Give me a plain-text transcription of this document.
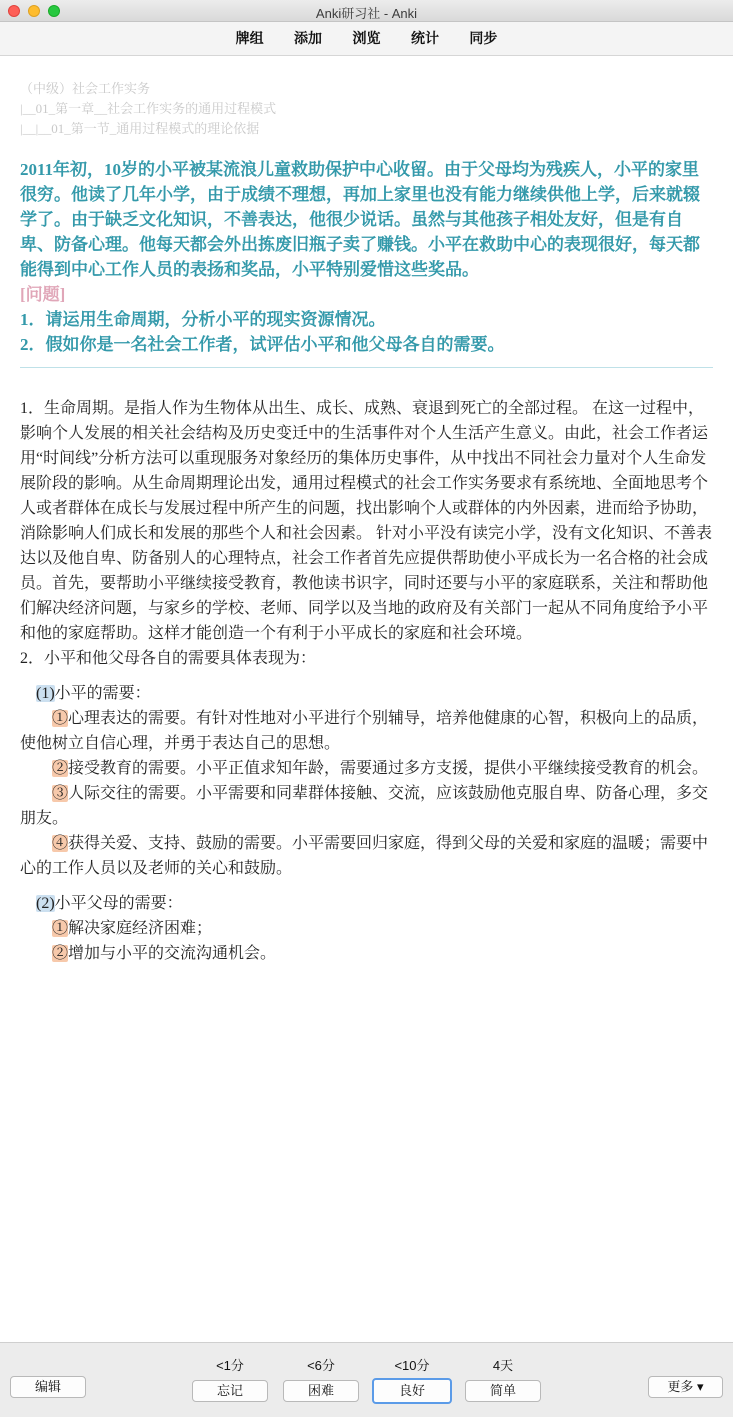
Anki研习社 - Anki
牌组 添加 浏览 统计 同步
（中级）社会工作实务
|__01_第一章__社会工作实务的通用过程模式
|__|__01_第一节_通用过程模式的理论依据
2011年初，10岁的小平被某流浪儿童救助保护中心收留。由于父母均为残疾人，小平的家里很穷。他读了几年小学，由于成绩不理想，再加上家里也没有能力继续供他上学，后来就辍学了。由于缺乏文化知识，不善表达，他很少说话。虽然与其他孩子相处友好，但是有自卑、防备心理。他每天都会外出拣废旧瓶子卖了赚钱。小平在救助中心的表现很好，每天都能得到中心工作人员的表扬和奖品，小平特别爱惜这些奖品。
[问题]
1．请运用生命周期，分析小平的现实资源情况。
2．假如你是一名社会工作者，试评估小平和他父母各自的需要。

1．生命周期。是指人作为生物体从出生、成长、成熟、衰退到死亡的全部过程。 在这一过程中，影响个人发展的相关社会结构及历史变迁中的生活事件对个人生活产生意义。由此，社会工作者运用“时间线”分析方法可以重现服务对象经历的集体历史事件，从中找出不同社会力量对个人生命发展阶段的影响。从生命周期理论出发，通用过程模式的社会工作实务要求有系统地、全面地思考个人或者群体在成长与发展过程中所产生的问题，找出影响个人或群体的内外因素，进而给予协助，消除影响人们成长和发展的那些个人和社会因素。 针对小平没有读完小学，没有文化知识、不善表达以及他自卑、防备别人的心理特点，社会工作者首先应提供帮助使小平成长为一名合格的社会成员。首先，要帮助小平继续接受教育，教他读书识字，同时还要与小平的家庭联系，关注和帮助他们解决经济问题，与家乡的学校、老师、同学以及当地的政府及有关部门一起从不同角度给予小平和他的家庭帮助。这样才能创造一个有利于小平成长的家庭和社会环境。

2．小平和他父母各自的需要具体表现为：

(1)小平的需要：

①心理表达的需要。有针对性地对小平进行个别辅导，培养他健康的心智，积极向上的品质，使他树立自信心理，并勇于表达自己的思想。

②接受教育的需要。小平正值求知年龄，需要通过多方支援，提供小平继续接受教育的机会。

③人际交往的需要。小平需要和同辈群体接触、交流，应该鼓励他克服自卑、防备心理，多交朋友。

④获得关爱、支持、鼓励的需要。小平需要回归家庭，得到父母的关爱和家庭的温暖；需要中心的工作人员以及老师的关心和鼓励。

(2)小平父母的需要：

①解决家庭经济困难；

②增加与小平的交流沟通机会。

编辑
<1分	<6分	<10分	4天
忘记	困难	良好	简单	更多 ▾
